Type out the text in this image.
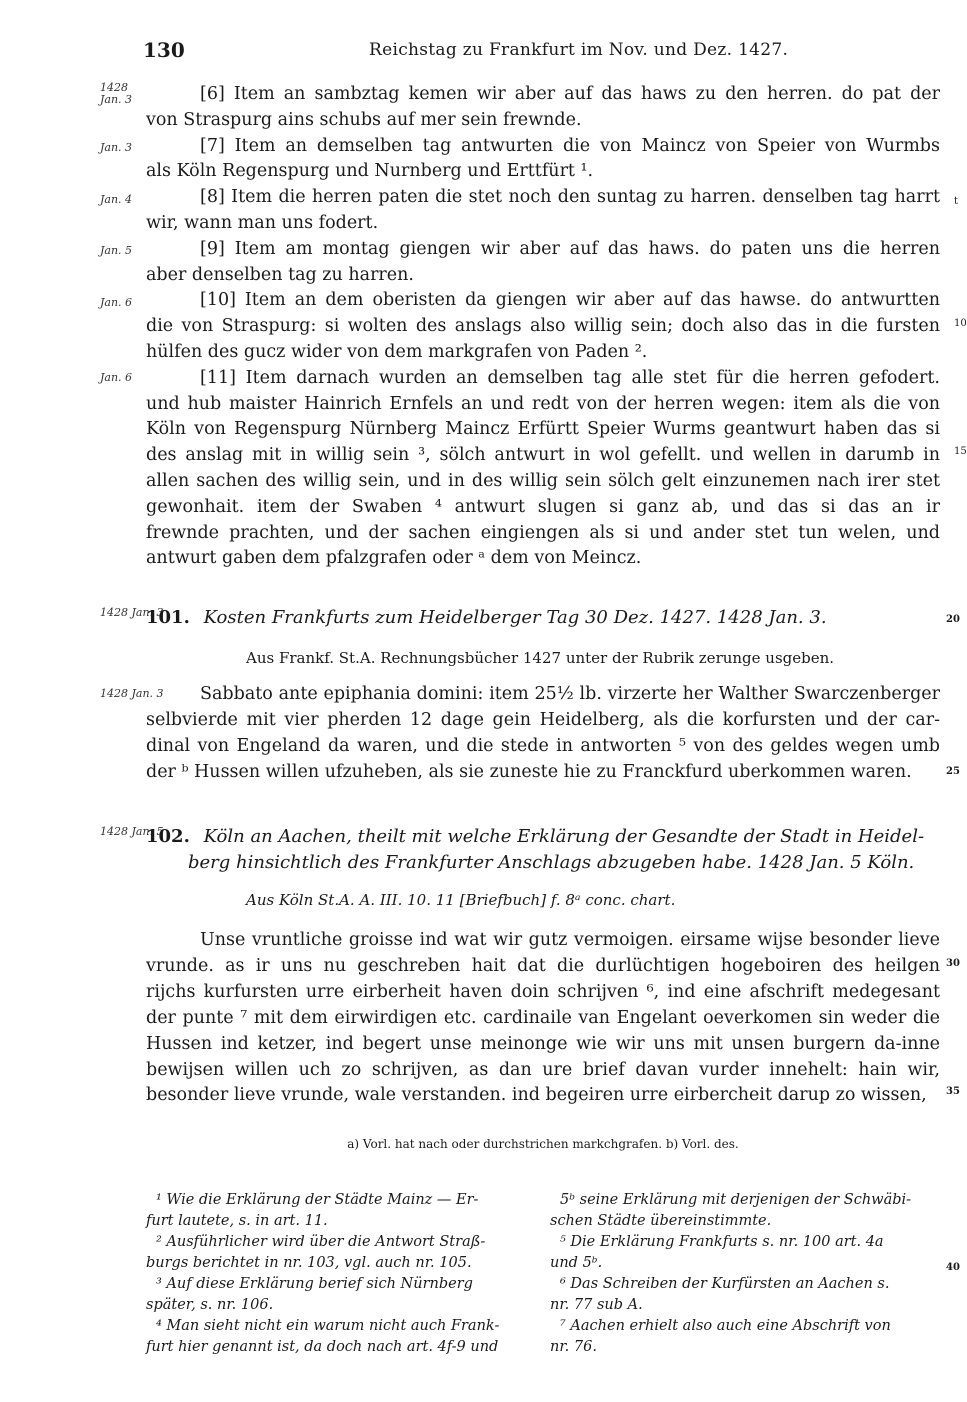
130	Reichstag zu Frankfurt im Nov. und Dez. 1427.
[6] Item an sambztag kemen wir aber auf das haws zu den herren. do pat der
von Straspurg ains schubs auf mer sein frewnde.
[7] Item an demselben tag antwurten die von Maincz von Speier von Wurmbs
als Köln Regenspurg und Nurnberg und Erttfürt ¹.
[8] Item die herren paten die stet noch den suntag zu harren. denselben tag harrt
wir, wann man uns fodert.
[9] Item am montag giengen wir aber auf das haws. do paten uns die herren
aber denselben tag zu harren.
[10] Item an dem oberisten da giengen wir aber auf das hawse. do antwurtten
die von Straspurg: si wolten des anslags also willig sein; doch also das in die fursten
hülfen des gucz wider von dem markgrafen von Paden ².
[11] Item darnach wurden an demselben tag alle stet für die herren gefodert.
und hub maister Hainrich Ernfels an und redt von der herren wegen: item als die von
Köln von Regenspurg Nürnberg Maincz Erfürtt Speier Wurms geantwurt haben das si
des anslag mit in willig sein ³, sölch antwurt in wol gefellt. und wellen in darumb in
allen sachen des willig sein, und in des willig sein sölch gelt einzunemen nach irer stet
gewonhait. item der Swaben ⁴ antwurt slugen si ganz ab, und das si das an ir
frewnde prachten, und der sachen eingiengen als si und ander stet tun welen, und
antwurt gaben dem pfalzgrafen oder ᵃ dem von Meincz.
1428 Jan. 3
Jan. 3
Jan. 4
Jan. 5
Jan. 6
Jan. 6
1428 Jan. 3
101. Kosten Frankfurts zum Heidelberger Tag 30 Dez. 1427. 1428 Jan. 3.	20
Aus Frankf. St.A. Rechnungsbücher 1427 unter der Rubrik zerunge usgeben.
1428 Jan. 3 Sabbato ante epiphania domini: item 25½ lb. virzerte her Walther Swarczenberger
selbvierde mit vier pherden 12 dage gein Heidelberg, als die korfursten und der car-
dinal von Engeland da waren, und die stede in antworten ⁵ von des geldes wegen umb
der ᵇ Hussen willen ufzuheben, als sie zuneste hie zu Franckfurd uberkommen waren.	25
1428 Jan. 5
102. Köln an Aachen, theilt mit welche Erklärung der Gesandte der Stadt in Heidel-
berg hinsichtlich des Frankfurter Anschlags abzugeben habe. 1428 Jan. 5 Köln.
Aus Köln St.A. A. III. 10. 11 [Briefbuch] f. 8ᵃ conc. chart.
Unse vruntliche groisse ind wat wir gutz vermoigen. eirsame wijse besonder lieve
vrunde. as ir uns nu geschreben hait dat die durlüchtigen hogeboiren des heilgen
rijchs kurfursten urre eirberheit haven doin schrijven ⁶, ind eine afschrift medegesant
der punte ⁷ mit dem eirwirdigen etc. cardinaile van Engelant oeverkomen sin weder die
Hussen ind ketzer, ind begert unse meinonge wie wir uns mit unsen burgern da-inne
bewijsen willen uch zo schrijven, as dan ure brief davan vurder innehelt: hain wir,
besonder lieve vrunde, wale verstanden. ind begeiren urre eirbercheit darup zo wissen,
30
35
a) Vorl. hat nach oder durchstrichen markchgrafen. b) Vorl. des.
¹ Wie die Erklärung der Städte Mainz — Er-
furt lautete, s. in art. 11.
² Ausführlicher wird über die Antwort Straß-
burgs berichtet in nr. 103, vgl. auch nr. 105.
³ Auf diese Erklärung berief sich Nürnberg
später, s. nr. 106.
⁴ Man sieht nicht ein warum nicht auch Frank-
furt hier genannt ist, da doch nach art. 4f-9 und
5ᵇ seine Erklärung mit derjenigen der Schwäbi-
schen Städte übereinstimmte.
⁵ Die Erklärung Frankfurts s. nr. 100 art. 4a
und 5ᵇ.
⁶ Das Schreiben der Kurfürsten an Aachen s.
nr. 77 sub A.
⁷ Aachen erhielt also auch eine Abschrift von
nr. 76.
40
t
10
15
